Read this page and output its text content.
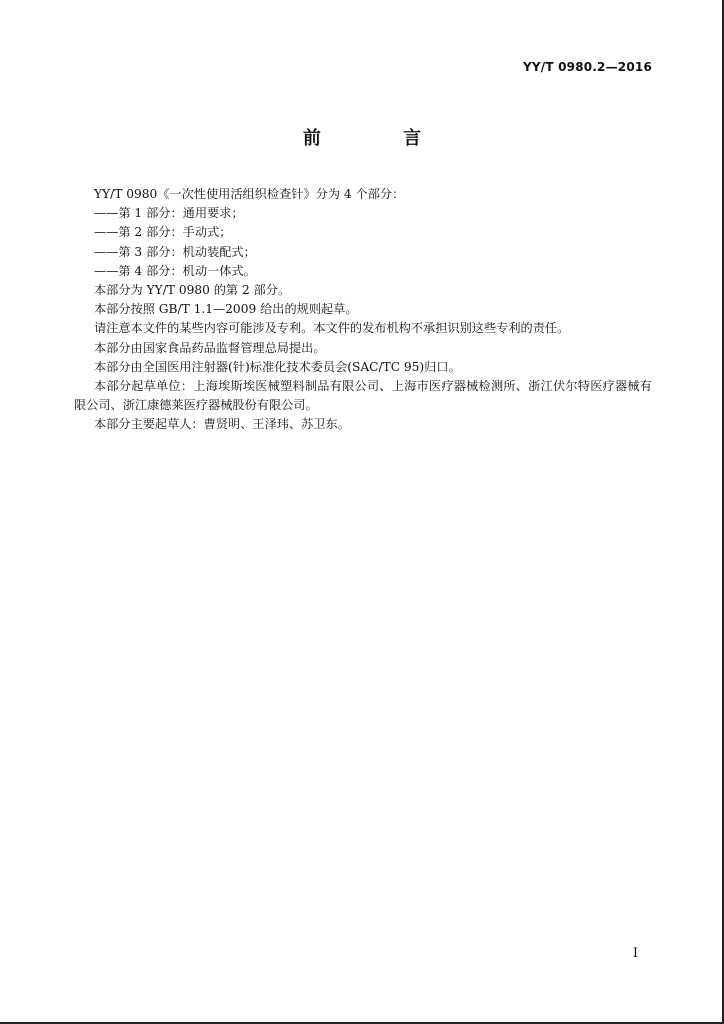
YY/T 0980.2—2016
前 言

YY/T 0980《一次性使用活组织检查针》分为 4 个部分：

——第 1 部分：通用要求；

——第 2 部分：手动式；

——第 3 部分：机动装配式；

——第 4 部分：机动一体式。

本部分为 YY/T 0980 的第 2 部分。

本部分按照 GB/T 1.1—2009 给出的规则起草。

请注意本文件的某些内容可能涉及专利。本文件的发布机构不承担识别这些专利的责任。

本部分由国家食品药品监督管理总局提出。

本部分由全国医用注射器(针)标准化技术委员会(SAC/TC 95)归口。

本部分起草单位：上海埃斯埃医械塑料制品有限公司、上海市医疗器械检测所、浙江伏尔特医疗器械有限公司、浙江康德莱医疗器械股份有限公司。

本部分主要起草人：曹贤明、王泽玮、苏卫东。

I
